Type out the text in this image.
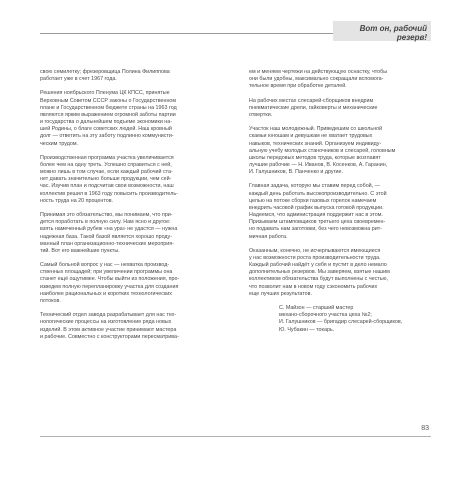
Вот он, рабочий резерв!

свою семилетку; фрезеровщица Полина Филиппова
работает уже в счет 1967 года.

Решения ноябрьского Пленума ЦК КПСС, принятые
Верховным Советом СССР законы о Государственном
плане и Государственном бюджете страны на 1963 год
являются ярким выражением огромной заботы партии
и государства о дальнейшем подъеме экономики на-
шей Родины, о благе советских людей. Наш кровный
долг — ответить на эту заботу подлинно коммунисти-
ческим трудом.

Производственная программа участка увеличивается
более чем на одну треть. Успешно справиться с ней,
можно лишь в том случае, если каждый рабочий ста-
нет давать значительно больше продукции, чем сей-
час. Изучив план и подсчитав свои возможности, наш
коллектив решил в 1963 году повысить производитель-
ность труда на 20 процентов.

Принимая это обязательство, мы понимаем, что при-
дется поработать в полную силу. Нам ясно и другое:
взять намеченный рубеж «на ура» не удастся — нужна
надежная база. Такой базой является хорошо проду-
манный план организационно-технических мероприя-
тий. Вот его важнейшие пункты.

Самый больной вопрос у нас — нехватка производ-
ственных площадей; при увеличении программы она
станет ещё ощутимее. Чтобы выйти из положения, про-
изведем полную перепланировку участка для создания
наиболее рациональных и коротких технологических
потоков.

Технический отдел завода разрабатывает для нас тех-
нологические процессы на изготовление ряда новых
изделий. В этом активное участие принимают мастера
и рабочие. Совместно с конструкторами пересматрива-

ем и меняем чертежи на действующую оснастку, чтобы
они были удобны, максимально сокращали вспомога-
тельное время при обработке деталей.

На рабочих местах слесарей-сборщиков внедрим
пневматические дрели, гайковерты и механические
отвертки.

Участок наш молодежный. Приведешим со школьной
скамьи юношам и девушкам не хватает трудовых
навыков, технических знаний. Организуем индивиду-
альную учебу молодых станочников и слесарей, головным
школы передовых методов труда, которые возглавят
лучшие рабочие — Н. Иванов, В. Косенков, А. Гаранин,
И. Галушников, В. Панченко и другие.

Главная задача, которую мы ставим перед собой, —
каждый день работать высокопроизводительно. С этой
целью на потоке сборки газовых горелок намечаем
внедрить часовой график выпуска готовой продукции.
Надеемся, что администрация поддержит нас в этом.
Призываем штамповщиков третьего цеха своевремен-
но подавать нам заготовки, без чего невозможна рит-
мичная работа.

Оказанным, конечно, не исчерпываются имеющиеся
у нас возможности роста производительности труда.
Каждый рабочий найдёт у себя и пустит в дело немало
дополнительных резервов. Мы заверяем, взятые нашим
коллективом обязательства будут выполнены с честью,
что позволит нам в новом году сэкономить рабочих
еще лучших результатов.

С. Майзон — старший мастер
механо-сборочного участка цеха №2;
И. Галушников — бригадир слесарей-сборщиков,
Ю. Чубакин — токарь.
83
